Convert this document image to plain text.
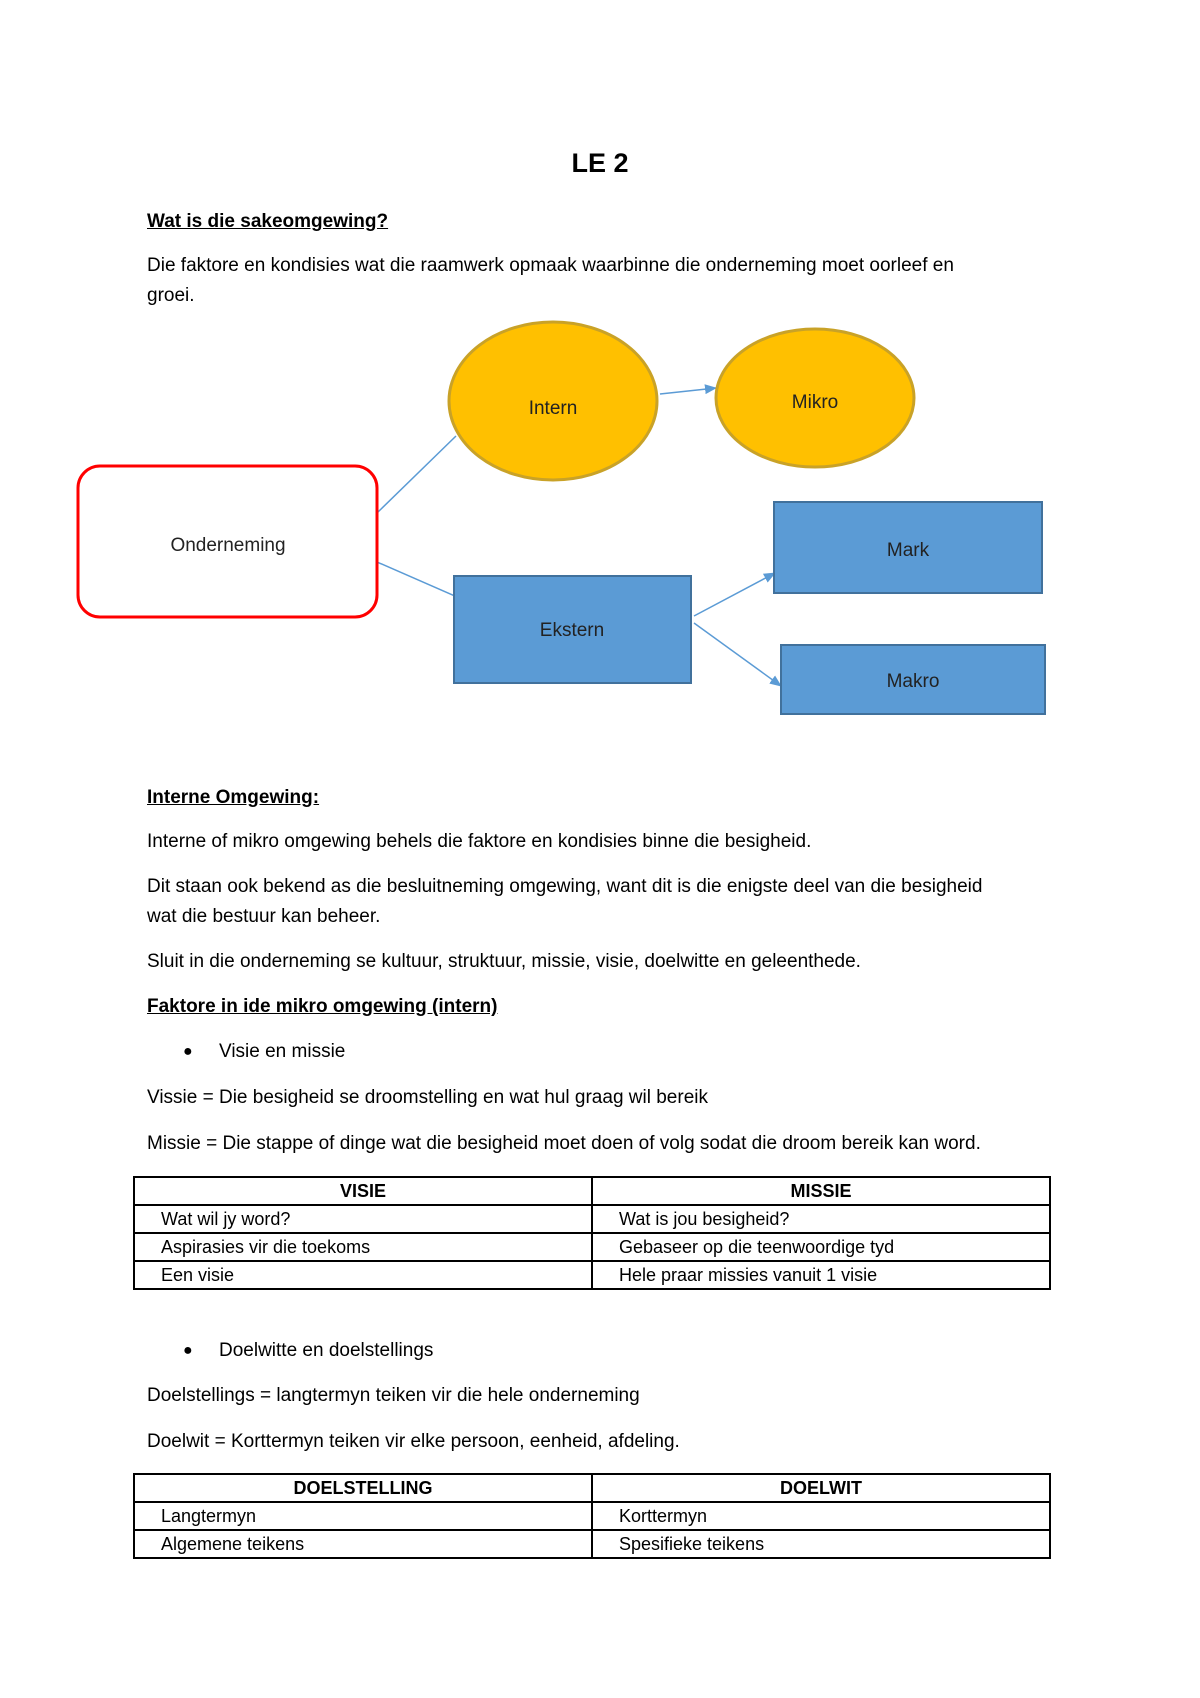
LE 2

Wat is die sakeomgewing?

Die faktore en kondisies wat die raamwerk opmaak waarbinne die onderneming moet oorleef en

groei.

Onderneming
Intern	Mikro
Ekstern
Mark
Makro

Interne Omgewing:

Interne of mikro omgewing behels die faktore en kondisies binne die besigheid.

Dit staan ook bekend as die besluitneming omgewing, want dit is die enigste deel van die besigheid

wat die bestuur kan beheer.

Sluit in die onderneming se kultuur, struktuur, missie, visie, doelwitte en geleenthede.

Faktore in ide mikro omgewing (intern)

● Visie en missie

Vissie = Die besigheid se droomstelling en wat hul graag wil bereik

Missie = Die stappe of dinge wat die besigheid moet doen of volg sodat die droom bereik kan word.

VISIE	MISSIE
Wat wil jy word?	Wat is jou besigheid?
Aspirasies vir die toekoms	Gebaseer op die teenwoordige tyd
Een visie	Hele praar missies vanuit 1 visie
● Doelwitte en doelstellings

Doelstellings = langtermyn teiken vir die hele onderneming

Doelwit = Korttermyn teiken vir elke persoon, eenheid, afdeling.

DOELSTELLING	DOELWIT
Langtermyn	Korttermyn
Algemene teikens	Spesifieke teikens
